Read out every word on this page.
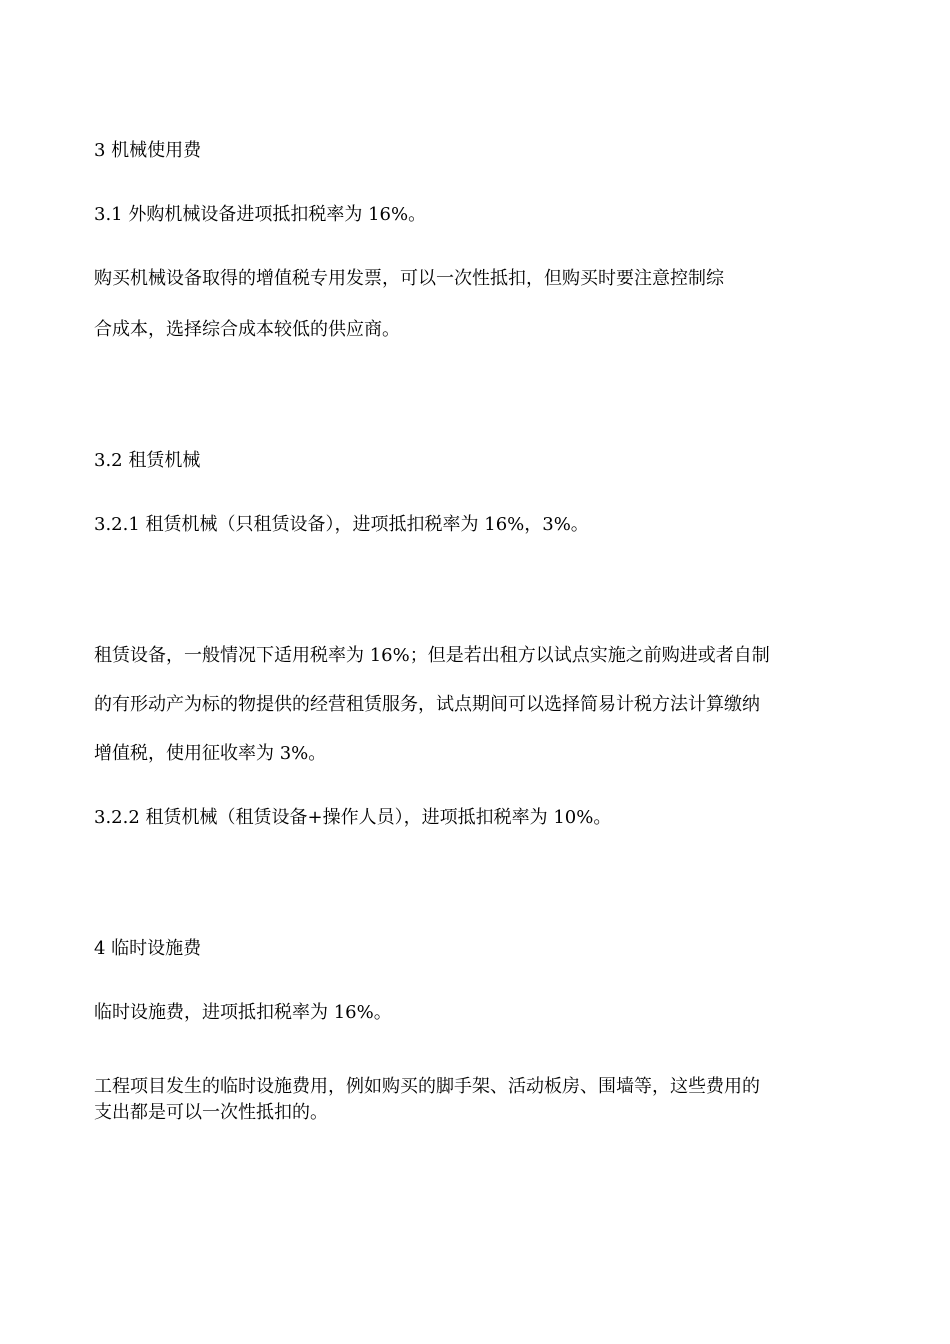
3 机械使用费

3.1 外购机械设备进项抵扣税率为 16%。

购买机械设备取得的增值税专用发票，可以一次性抵扣，但购买时要注意控制综

合成本，选择综合成本较低的供应商。

3.2 租赁机械

3.2.1 租赁机械（只租赁设备），进项抵扣税率为 16%，3%。

租赁设备，一般情况下适用税率为 16%；但是若出租方以试点实施之前购进或者自制

的有形动产为标的物提供的经营租赁服务，试点期间可以选择简易计税方法计算缴纳

增值税，使用征收率为 3%。

3.2.2 租赁机械（租赁设备+操作人员），进项抵扣税率为 10%。

4 临时设施费

临时设施费，进项抵扣税率为 16%。

工程项目发生的临时设施费用，例如购买的脚手架、活动板房、围墙等，这些费用的

支出都是可以一次性抵扣的。
